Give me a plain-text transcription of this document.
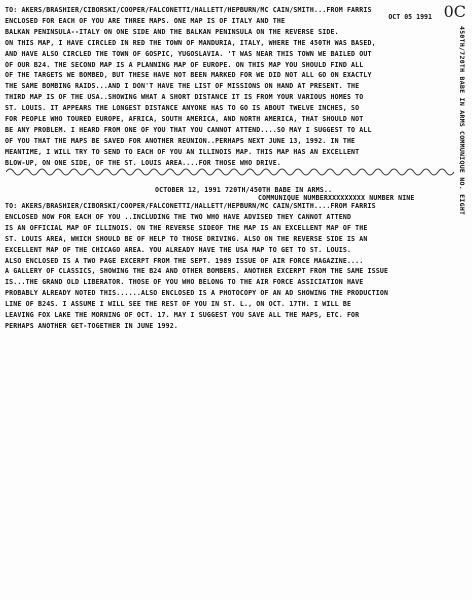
0C
450TH/720TH BABE IN ARMS
COMMUNIQUE NO. EIGHT
OCT 05 1991
TO: AKERS/BRASHIER/CIBORSKI/COOPER/FALCONETTI/HALLETT/HEPBURN/MC CAIN/SMITH...FROM FARRIS
ENCLOSED FOR EACH OF YOU ARE THREE MAPS. ONE MAP IS OF ITALY AND THE
BALKAN PENINSULA--ITALY ON ONE SIDE AND THE BALKAN PENINSULA ON THE REVERSE SIDE.
ON THIS MAP, I HAVE CIRCLED IN RED THE TOWN OF MANDURIA, ITALY, WHERE THE 450TH WAS BASED,
AND HAVE ALSO CIRCLED THE TOWN OF GOSPIC, YUGOSLAVIA. 'T WAS NEAR THIS TOWN WE BAILED OUT
OF OUR B24. THE SECOND MAP IS A PLANNING MAP OF EUROPE. ON THIS MAP YOU SHOULD FIND ALL
OF THE TARGETS WE BOMBED, BUT THESE HAVE NOT BEEN MARKED FOR WE DID NOT ALL GO ON EXACTLY
THE SAME BOMBING RAIDS...AND I DON'T HAVE THE LIST OF MISSIONS ON HAND AT PRESENT. THE
THIRD MAP IS OF THE USA..SHOWING WHAT A SHORT DISTANCE IT IS FROM YOUR VARIOUS HOMES TO
ST. LOUIS. IT APPEARS THE LONGEST DISTANCE ANYONE HAS TO GO IS ABOUT TWELVE INCHES, SO
FOR PEOPLE WHO TOURED EUROPE, AFRICA, SOUTH AMERICA, AND NORTH AMERICA, THAT SHOULD NOT
BE ANY PROBLEM. I HEARD FROM ONE OF YOU THAT YOU CANNOT ATTEND....SO MAY I SUGGEST TO ALL
OF YOU THAT THE MAPS BE SAVED FOR ANOTHER REUNION..PERHAPS NEXT JUNE 13, 1992. IN THE
MEANTIME, I WILL TRY TO SEND TO EACH OF YOU AN ILLINOIS MAP. THIS MAP HAS AN EXCELLENT
BLOW-UP, ON ONE SIDE, OF THE ST. LOUIS AREA....FOR THOSE WHO DRIVE.
OCTOBER 12, 1991 720TH/450TH BABE IN ARMS..
COMMUNIQUE NUMBERXXXXXXXXX NUMBER NINE
TO: AKERS/BRASHIER/CIBORSKI/COOPER/FALCONETTI/HALLETT/HEPBURN/MC CAIN/SMITH....FROM FARRIS
ENCLOSED NOW FOR EACH OF YOU ..INCLUDING THE TWO WHO HAVE ADVISED THEY CANNOT ATTEND
IS AN OFFICIAL MAP OF ILLINOIS. ON THE REVERSE SIDEOF THE MAP IS AN EXCELLENT MAP OF THE
ST. LOUIS AREA, WHICH SHOULD BE OF HELP TO THOSE DRIVING. ALSO ON THE REVERSE SIDE IS AN
EXCELLENT MAP OF THE CHICAGO AREA. YOU ALREADY HAVE THE USA MAP TO GET TO ST. LOUIS.
ALSO ENCLOSED IS A TWO PAGE EXCERPT FROM THE SEPT. 1989 ISSUE OF AIR FORCE MAGAZINE....
A GALLERY OF CLASSICS, SHOWING THE B24 AND OTHER BOMBERS. ANOTHER EXCERPT FROM THE SAME ISSUE
IS...THE GRAND OLD LIBERATOR. THOSE OF YOU WHO BELONG TO THE AIR FORCE ASSICIATION HAVE
PROBABLY ALREADY NOTED THIS......ALSO ENCLOSED IS A PHOTOCOPY OF AN AD SHOWING THE PRODUCTION
LINE OF B24S. I ASSUME I WILL SEE THE REST OF YOU IN ST. L., ON OCT. 17TH. I WILL BE
LEAVING FOX LAKE THE MORNING OF OCT. 17. MAY I SUGGEST YOU SAVE ALL THE MAPS, ETC. FOR
PERHAPS ANOTHER GET-TOGETHER IN JUNE 1992.
